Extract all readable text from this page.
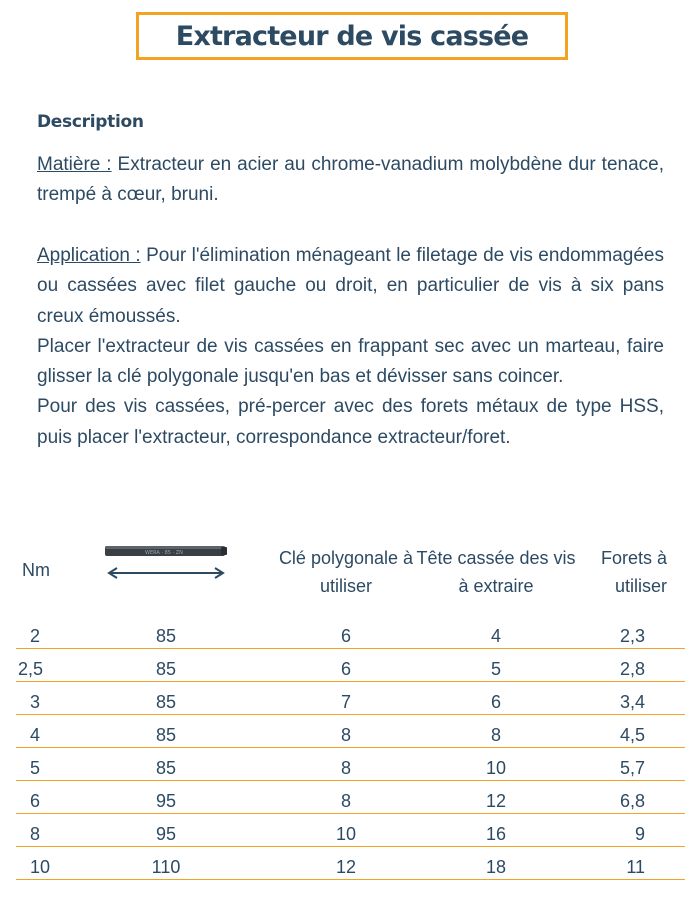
Extracteur de vis cassée
Description

Matière : Extracteur en acier au chrome-vanadium molybdène dur tenace, trempé à cœur, bruni.

Application : Pour l'élimination ménageant le filetage de vis endommagées ou cassées avec filet gauche ou droit, en particulier de vis à six pans creux émoussés.

Placer l'extracteur de vis cassées en frappant sec avec un marteau, faire glisser la clé polygonale jusqu'en bas et dévisser sans coincer.

Pour des vis cassées, pré-percer avec des forets métaux de type HSS, puis placer l'extracteur, correspondance extracteur/foret.

Nm	WERA · 85 · ZN	Clé polygonale à utiliser	Tête cassée des vis à extraire	Forets à utiliser
2	85	6	4	2,3
2,5	85	6	5	2,8
3	85	7	6	3,4
4	85	8	8	4,5
5	85	8	10	5,7
6	95	8	12	6,8
8	95	10	16	9
10	110	12	18	11
